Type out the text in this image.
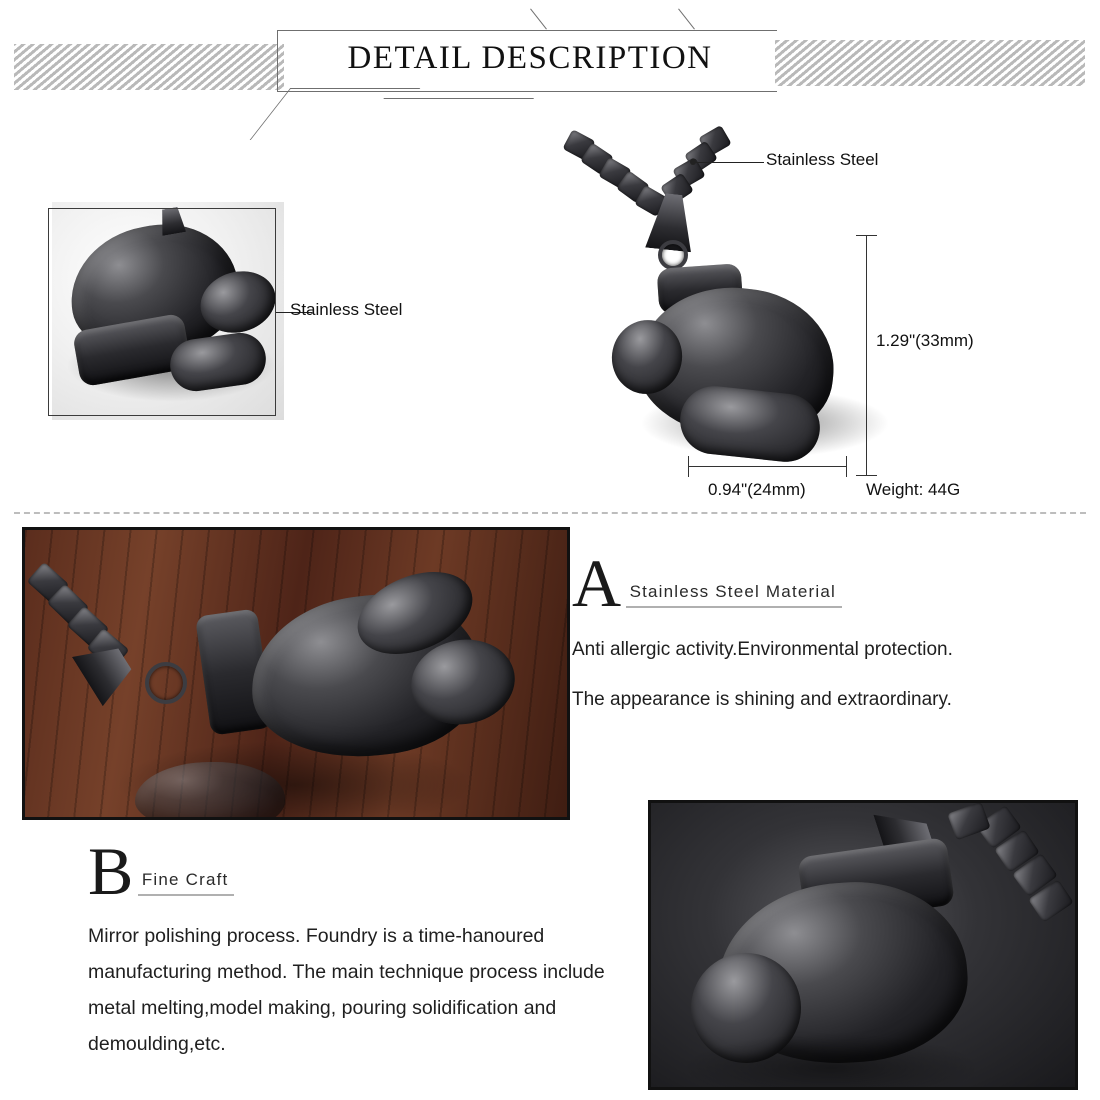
DETAIL DESCRIPTION
Stainless Steel
Stainless Steel
1.29"(33mm)
0.94"(24mm)	Weight: 44G
A Stainless Steel Material
Anti allergic activity.Environmental protection.
The appearance is shining and extraordinary.
B Fine Craft
Mirror polishing process. Foundry is a time-hanoured manufacturing method. The main technique process include metal melting,model making, pouring solidification and demoulding,etc.
